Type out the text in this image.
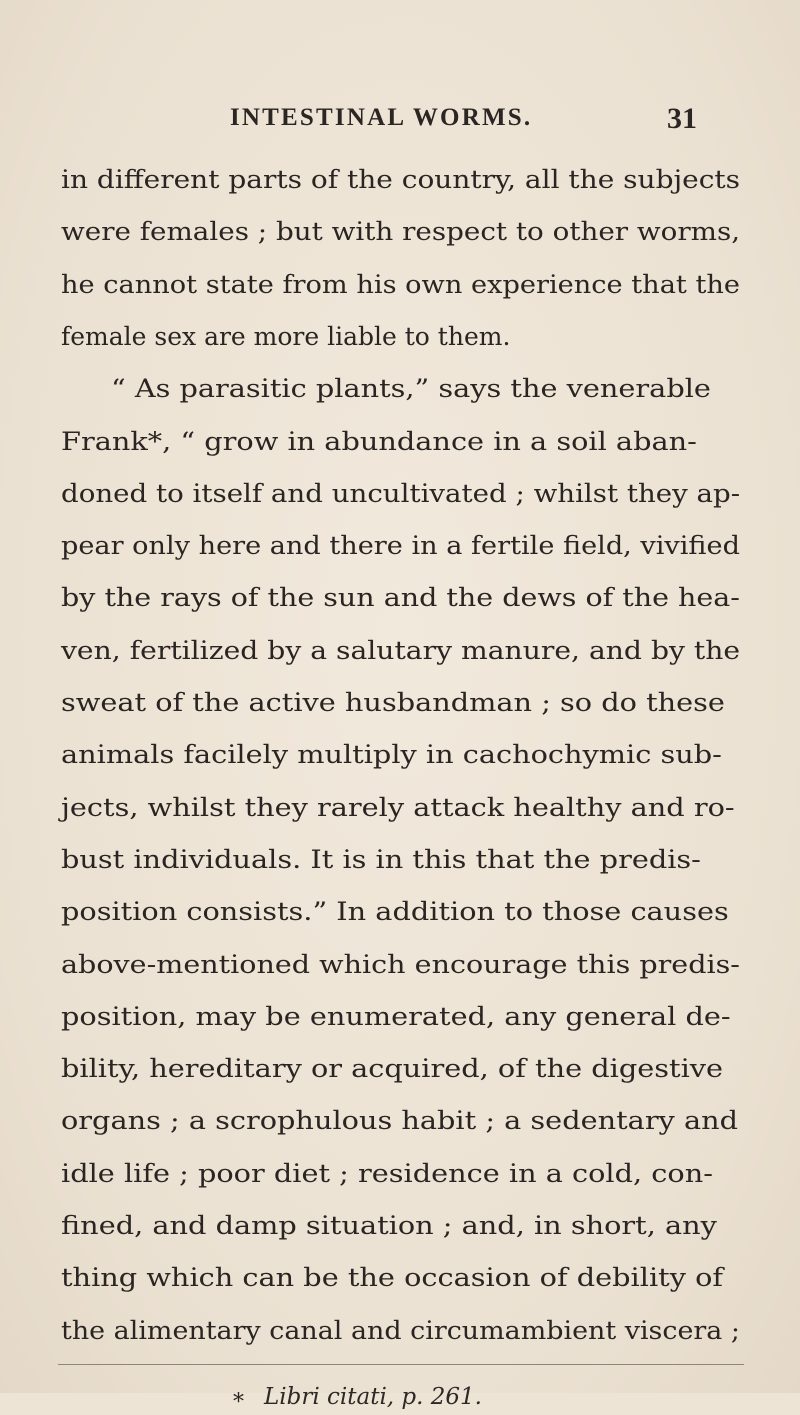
INTESTINAL WORMS.	31
in different parts of the country, all the subjects
were females ; but with respect to other worms,
he cannot state from his own experience that the
female sex are more liable to them.
“ As parasitic plants,” says the venerable
Frank*, “ grow in abundance in a soil aban-
doned to itself and uncultivated ; whilst they ap-
pear only here and there in a fertile field, vivified
by the rays of the sun and the dews of the hea-
ven, fertilized by a salutary manure, and by the
sweat of the active husbandman ; so do these
animals facilely multiply in cachochymic sub-
jects, whilst they rarely attack healthy and ro-
bust individuals. It is in this that the predis-
position consists.” In addition to those causes
above-mentioned which encourage this predis-
position, may be enumerated, any general de-
bility, hereditary or acquired, of the digestive
organs ; a scrophulous habit ; a sedentary and
idle life ; poor diet ; residence in a cold, con-
fined, and damp situation ; and, in short, any
thing which can be the occasion of debility of
the alimentary canal and circumambient viscera ;
* Libri citati, p. 261.
